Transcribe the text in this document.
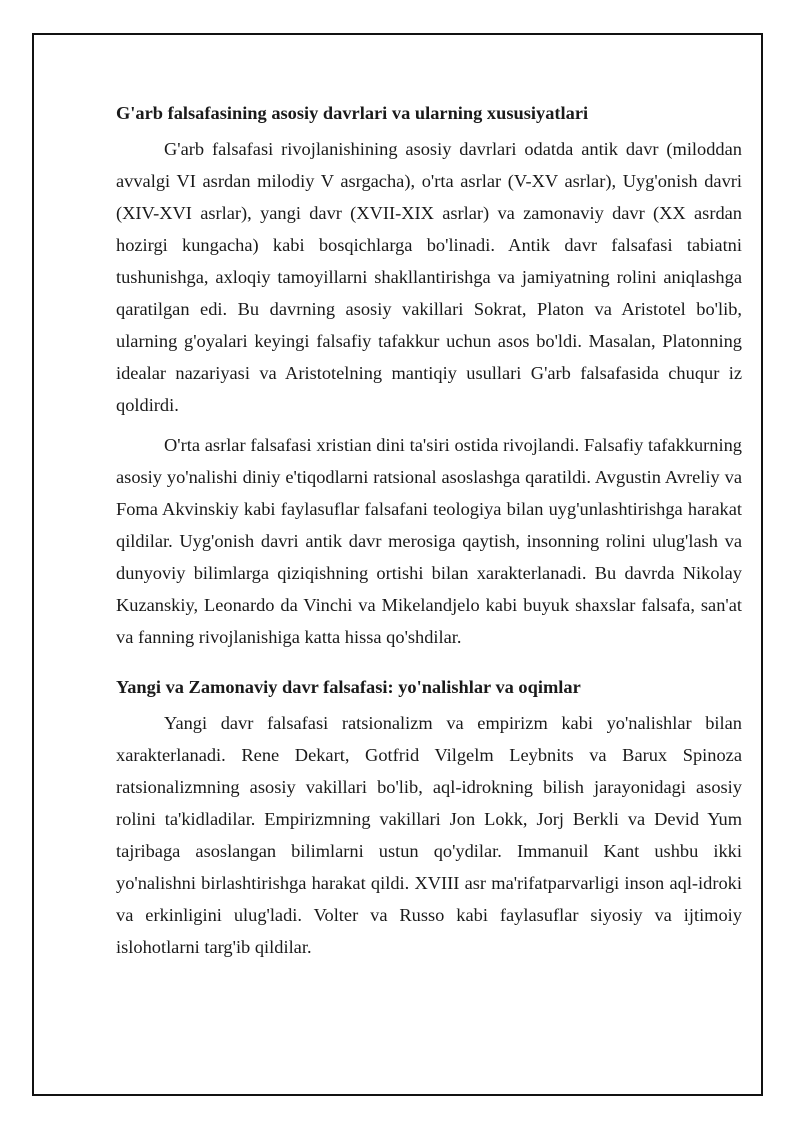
G'arb falsafasining asosiy davrlari va ularning xususiyatlari

G'arb falsafasi rivojlanishining asosiy davrlari odatda antik davr (miloddan avvalgi VI asrdan milodiy V asrgacha), o'rta asrlar (V-XV asrlar), Uyg'onish davri (XIV-XVI asrlar), yangi davr (XVII-XIX asrlar) va zamonaviy davr (XX asrdan hozirgi kungacha) kabi bosqichlarga bo'linadi. Antik davr falsafasi tabiatni tushunishga, axloqiy tamoyillarni shakllantirishga va jamiyatning rolini aniqlashga qaratilgan edi. Bu davrning asosiy vakillari Sokrat, Platon va Aristotel bo'lib, ularning g'oyalari keyingi falsafiy tafakkur uchun asos bo'ldi. Masalan, Platonning idealar nazariyasi va Aristotelning mantiqiy usullari G'arb falsafasida chuqur iz qoldirdi.

O'rta asrlar falsafasi xristian dini ta'siri ostida rivojlandi. Falsafiy tafakkurning asosiy yo'nalishi diniy e'tiqodlarni ratsional asoslashga qaratildi. Avgustin Avreliy va Foma Akvinskiy kabi faylasuflar falsafani teologiya bilan uyg'unlashtirishga harakat qildilar. Uyg'onish davri antik davr merosiga qaytish, insonning rolini ulug'lash va dunyoviy bilimlarga qiziqishning ortishi bilan xarakterlanadi. Bu davrda Nikolay Kuzanskiy, Leonardo da Vinchi va Mikelandjelo kabi buyuk shaxslar falsafa, san'at va fanning rivojlanishiga katta hissa qo'shdilar.

Yangi va Zamonaviy davr falsafasi: yo'nalishlar va oqimlar

Yangi davr falsafasi ratsionalizm va empirizm kabi yo'nalishlar bilan xarakterlanadi. Rene Dekart, Gotfrid Vilgelm Leybnits va Barux Spinoza ratsionalizmning asosiy vakillari bo'lib, aql-idrokning bilish jarayonidagi asosiy rolini ta'kidladilar. Empirizmning vakillari Jon Lokk, Jorj Berkli va Devid Yum tajribaga asoslangan bilimlarni ustun qo'ydilar. Immanuil Kant ushbu ikki yo'nalishni birlashtirishga harakat qildi. XVIII asr ma'rifatparvarligi inson aql-idroki va erkinligini ulug'ladi. Volter va Russo kabi faylasuflar siyosiy va ijtimoiy islohotlarni targ'ib qildilar.
